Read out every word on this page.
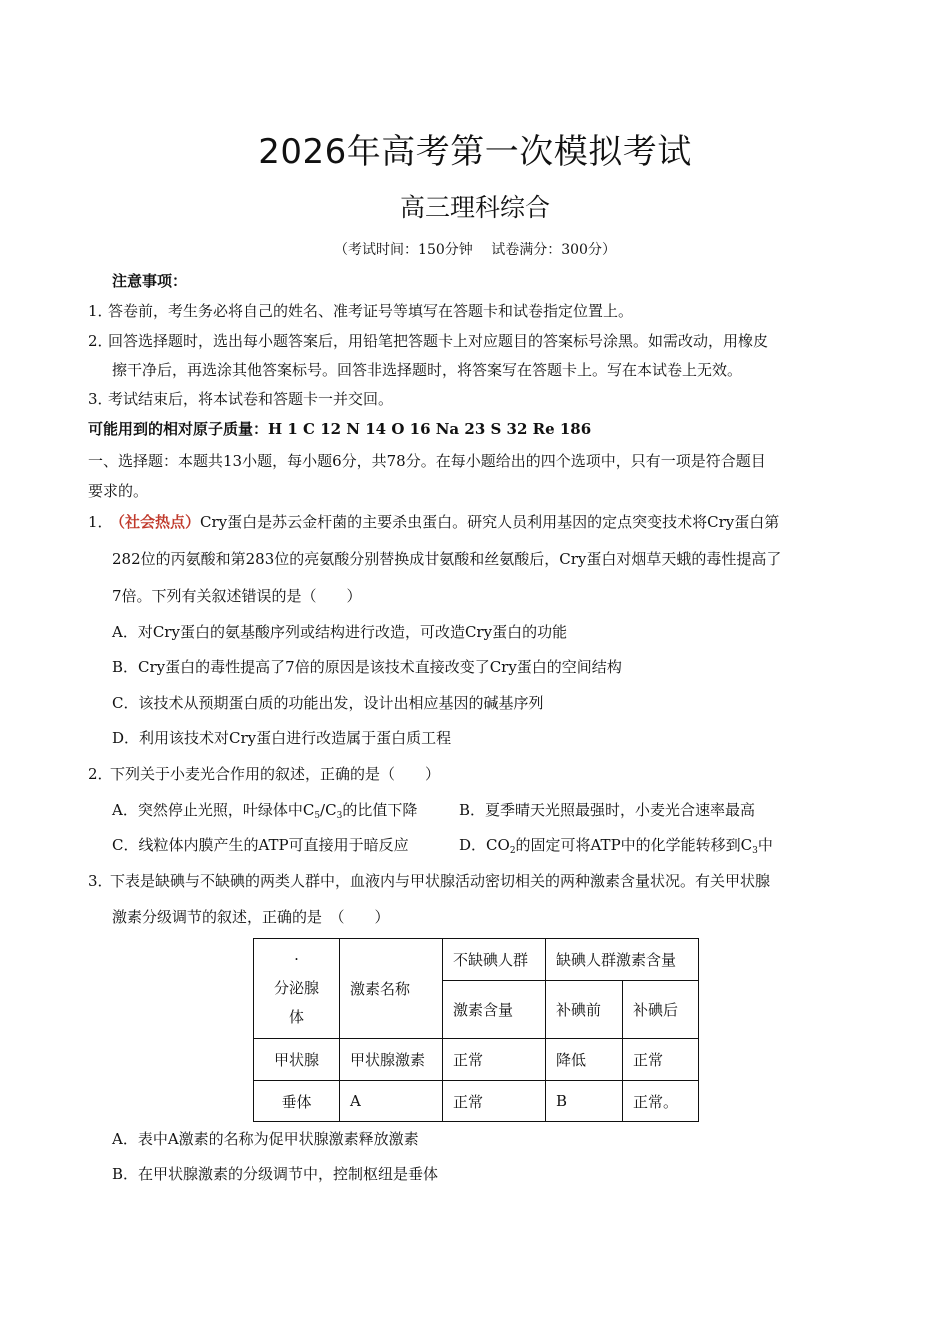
2026年高考第一次模拟考试
高三理科综合
（考试时间：150分钟　 试卷满分：300分）
注意事项：
1．答卷前，考生务必将自己的姓名、准考证号等填写在答题卡和试卷指定位置上。
2．回答选择题时，选出每小题答案后，用铅笔把答题卡上对应题目的答案标号涂黑。如需改动，用橡皮
擦干净后，再选涂其他答案标号。回答非选择题时，将答案写在答题卡上。写在本试卷上无效。
3．考试结束后，将本试卷和答题卡一并交回。
可能用到的相对原子质量：H 1 C 12 N 14 O 16 Na 23 S 32 Re 186
一、选择题：本题共13小题，每小题6分，共78分。在每小题给出的四个选项中，只有一项是符合题目
要求的。
1．（社会热点）Cry蛋白是苏云金杆菌的主要杀虫蛋白。研究人员利用基因的定点突变技术将Cry蛋白第
282位的丙氨酸和第283位的亮氨酸分别替换成甘氨酸和丝氨酸后，Cry蛋白对烟草天蛾的毒性提高了
7倍。下列有关叙述错误的是（　　）
A．对Cry蛋白的氨基酸序列或结构进行改造，可改造Cry蛋白的功能
B．Cry蛋白的毒性提高了7倍的原因是该技术直接改变了Cry蛋白的空间结构
C．该技术从预期蛋白质的功能出发，设计出相应基因的碱基序列
D．利用该技术对Cry蛋白进行改造属于蛋白质工程
2．下列关于小麦光合作用的叙述，正确的是（　　）
A．突然停止光照，叶绿体中$C_5/C_3$的比值下降	B．夏季晴天光照最强时，小麦光合速率最高
C．线粒体内膜产生的ATP可直接用于暗反应	D．$CO_2$的固定可将ATP中的化学能转移到$C_3$中
3．下表是缺碘与不缺碘的两类人群中，血液内与甲状腺活动密切相关的两种激素含量状况。有关甲状腺
激素分级调节的叙述，正确的是　（　　）
·
分泌腺体	激素名称	不缺碘人群	缺碘人群激素含量	
		激素含量	补碘前	补碘后
甲状腺	甲状腺激素	正常	降低	正常
垂体	A	正常	B	正常。
A．表中A激素的名称为促甲状腺激素释放激素
B．在甲状腺激素的分级调节中，控制枢纽是垂体
